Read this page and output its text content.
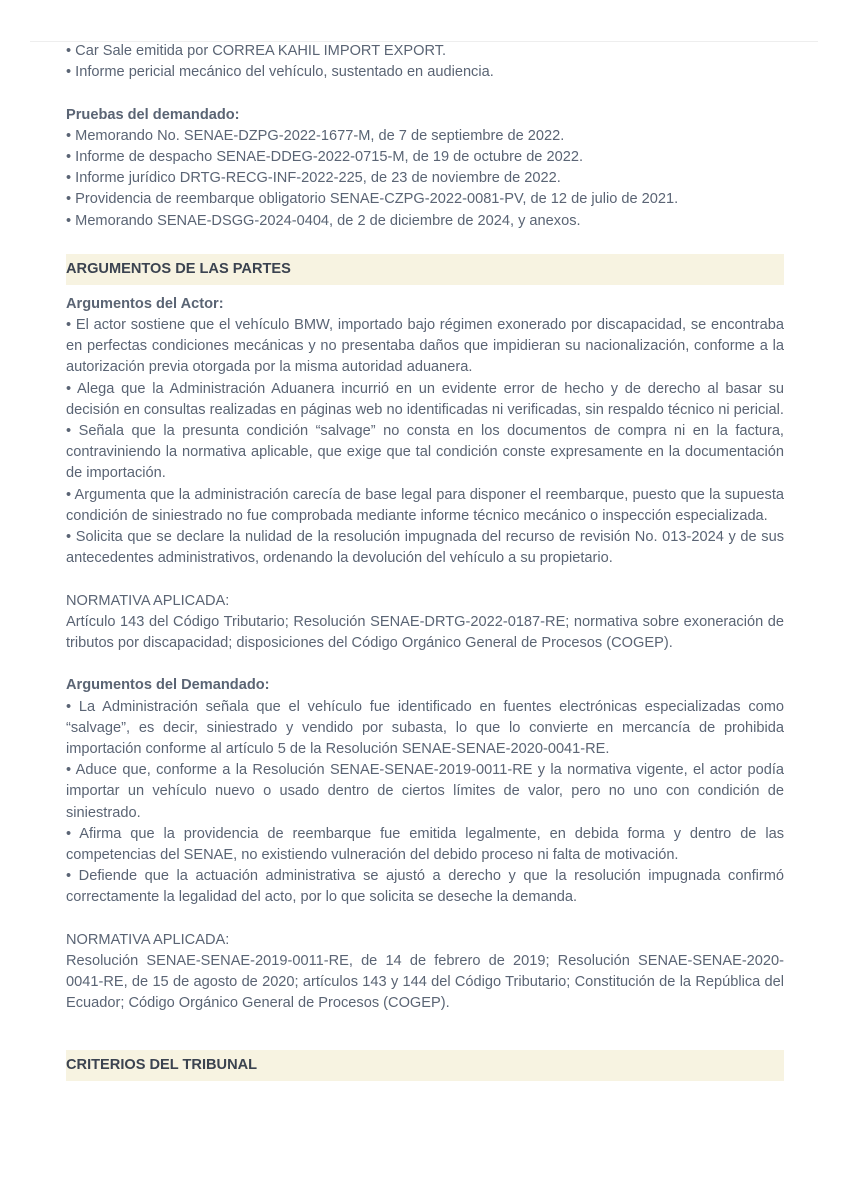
• Car Sale emitida por CORREA KAHIL IMPORT EXPORT.

• Informe pericial mecánico del vehículo, sustentado en audiencia.

Pruebas del demandado:

• Memorando No. SENAE-DZPG-2022-1677-M, de 7 de septiembre de 2022.

• Informe de despacho SENAE-DDEG-2022-0715-M, de 19 de octubre de 2022.

• Informe jurídico DRTG-RECG-INF-2022-225, de 23 de noviembre de 2022.

• Providencia de reembarque obligatorio SENAE-CZPG-2022-0081-PV, de 12 de julio de 2021.

• Memorando SENAE-DSGG-2024-0404, de 2 de diciembre de 2024, y anexos.

ARGUMENTOS DE LAS PARTES

Argumentos del Actor:

• El actor sostiene que el vehículo BMW, importado bajo régimen exonerado por discapacidad, se encontraba en perfectas condiciones mecánicas y no presentaba daños que impidieran su nacionalización, conforme a la autorización previa otorgada por la misma autoridad aduanera.

• Alega que la Administración Aduanera incurrió en un evidente error de hecho y de derecho al basar su decisión en consultas realizadas en páginas web no identificadas ni verificadas, sin respaldo técnico ni pericial.

• Señala que la presunta condición “salvage” no consta en los documentos de compra ni en la factura, contraviniendo la normativa aplicable, que exige que tal condición conste expresamente en la documentación de importación.

• Argumenta que la administración carecía de base legal para disponer el reembarque, puesto que la supuesta condición de siniestrado no fue comprobada mediante informe técnico mecánico o inspección especializada.

• Solicita que se declare la nulidad de la resolución impugnada del recurso de revisión No. 013-2024 y de sus antecedentes administrativos, ordenando la devolución del vehículo a su propietario.

NORMATIVA APLICADA:

Artículo 143 del Código Tributario; Resolución SENAE-DRTG-2022-0187-RE; normativa sobre exoneración de tributos por discapacidad; disposiciones del Código Orgánico General de Procesos (COGEP).

Argumentos del Demandado:

• La Administración señala que el vehículo fue identificado en fuentes electrónicas especializadas como “salvage”, es decir, siniestrado y vendido por subasta, lo que lo convierte en mercancía de prohibida importación conforme al artículo 5 de la Resolución SENAE-SENAE-2020-0041-RE.

• Aduce que, conforme a la Resolución SENAE-SENAE-2019-0011-RE y la normativa vigente, el actor podía importar un vehículo nuevo o usado dentro de ciertos límites de valor, pero no uno con condición de siniestrado.

• Afirma que la providencia de reembarque fue emitida legalmente, en debida forma y dentro de las competencias del SENAE, no existiendo vulneración del debido proceso ni falta de motivación.

• Defiende que la actuación administrativa se ajustó a derecho y que la resolución impugnada confirmó correctamente la legalidad del acto, por lo que solicita se deseche la demanda.

NORMATIVA APLICADA:

Resolución SENAE-SENAE-2019-0011-RE, de 14 de febrero de 2019; Resolución SENAE-SENAE-2020-0041-RE, de 15 de agosto de 2020; artículos 143 y 144 del Código Tributario; Constitución de la República del Ecuador; Código Orgánico General de Procesos (COGEP).

CRITERIOS DEL TRIBUNAL
